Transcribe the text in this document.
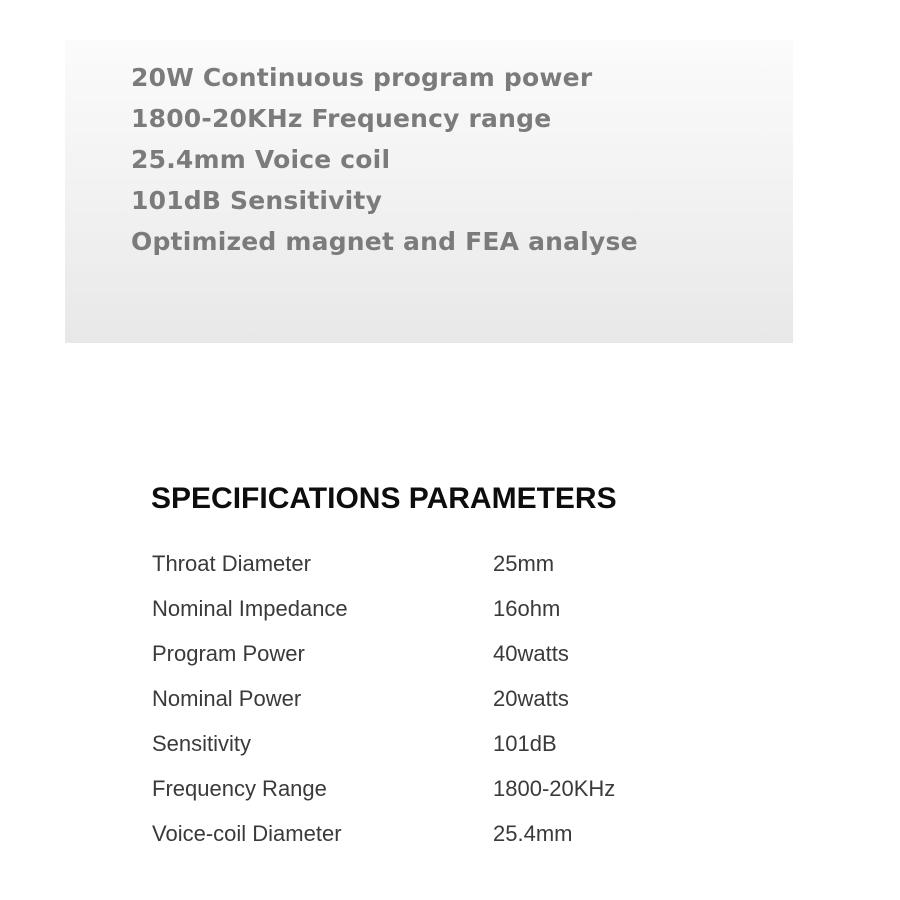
20W Continuous program power
1800-20KHz Frequency range
25.4mm Voice coil
101dB Sensitivity
Optimized magnet and FEA analyse
SPECIFICATIONS PARAMETERS
Throat Diameter	25mm
Nominal Impedance	16ohm
Program Power	40watts
Nominal Power	20watts
Sensitivity	101dB
Frequency Range	1800-20KHz
Voice-coil Diameter	25.4mm
